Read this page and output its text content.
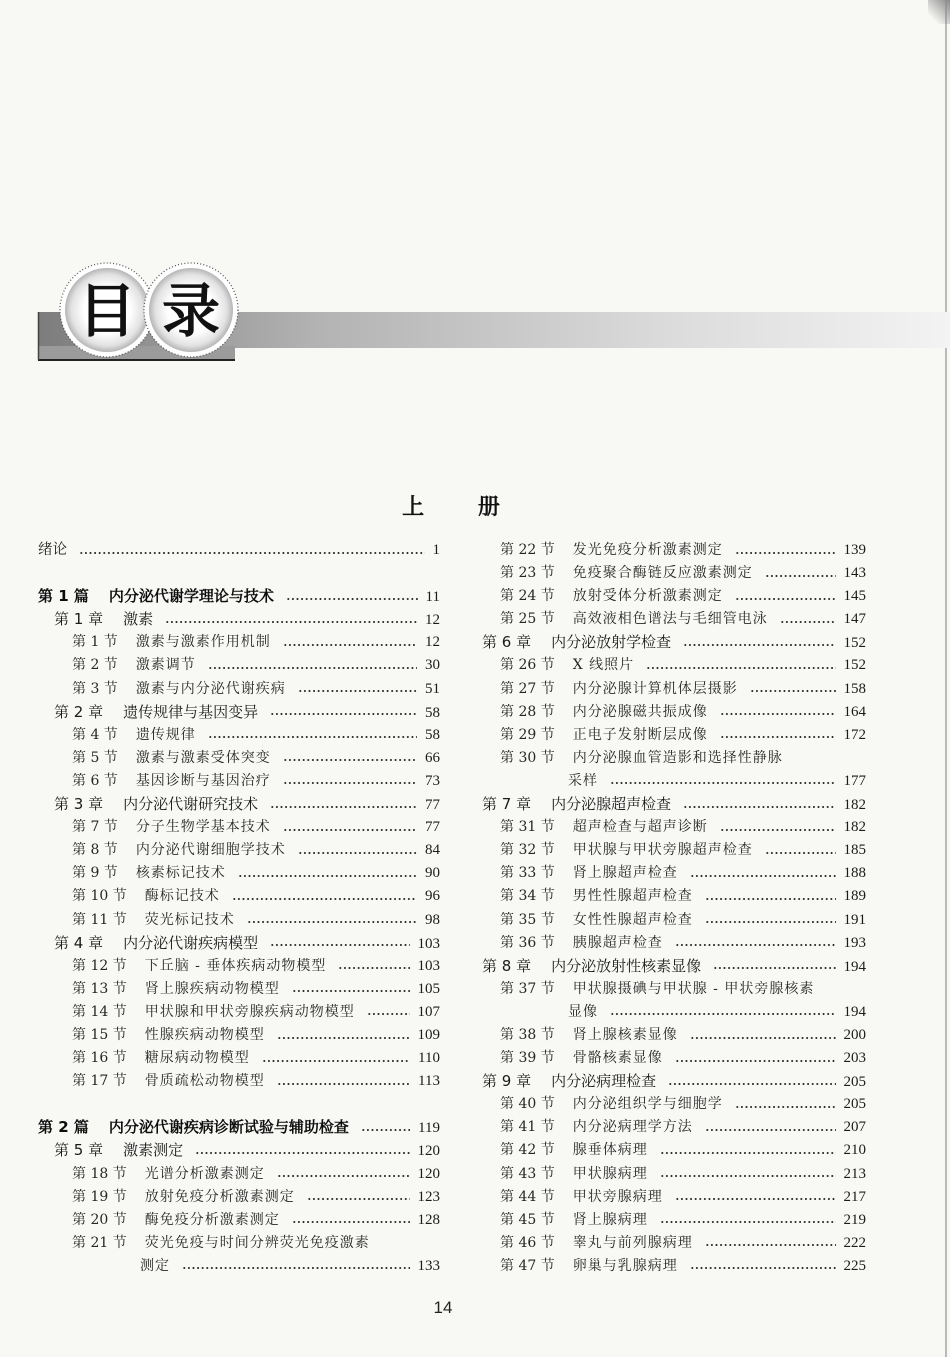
目 录
上 册
绪论	1
第 1 篇 内分泌代谢学理论与技术	11
第 1 章 激素	12
第 1 节 激素与激素作用机制	12
第 2 节 激素调节	30
第 3 节 激素与内分泌代谢疾病	51
第 2 章 遗传规律与基因变异	58
第 4 节 遗传规律	58
第 5 节 激素与激素受体突变	66
第 6 节 基因诊断与基因治疗	73
第 3 章 内分泌代谢研究技术	77
第 7 节 分子生物学基本技术	77
第 8 节 内分泌代谢细胞学技术	84
第 9 节 核素标记技术	90
第 10 节 酶标记技术	96
第 11 节 荧光标记技术	98
第 4 章 内分泌代谢疾病模型	103
第 12 节 下丘脑 - 垂体疾病动物模型	103
第 13 节 肾上腺疾病动物模型	105
第 14 节 甲状腺和甲状旁腺疾病动物模型	107
第 15 节 性腺疾病动物模型	109
第 16 节 糖尿病动物模型	110
第 17 节 骨质疏松动物模型	113
第 2 篇 内分泌代谢疾病诊断试验与辅助检查	119
第 5 章 激素测定	120
第 18 节 光谱分析激素测定	120
第 19 节 放射免疫分析激素测定	123
第 20 节 酶免疫分析激素测定	128
第 21 节 荧光免疫与时间分辨荧光免疫激素
测定	133
第 22 节 发光免疫分析激素测定	139
第 23 节 免疫聚合酶链反应激素测定	143
第 24 节 放射受体分析激素测定	145
第 25 节 高效液相色谱法与毛细管电泳	147
第 6 章 内分泌放射学检查	152
第 26 节 X 线照片	152
第 27 节 内分泌腺计算机体层摄影	158
第 28 节 内分泌腺磁共振成像	164
第 29 节 正电子发射断层成像	172
第 30 节 内分泌腺血管造影和选择性静脉
采样	177
第 7 章 内分泌腺超声检查	182
第 31 节 超声检查与超声诊断	182
第 32 节 甲状腺与甲状旁腺超声检查	185
第 33 节 肾上腺超声检查	188
第 34 节 男性性腺超声检查	189
第 35 节 女性性腺超声检查	191
第 36 节 胰腺超声检查	193
第 8 章 内分泌放射性核素显像	194
第 37 节 甲状腺摄碘与甲状腺 - 甲状旁腺核素
显像	194
第 38 节 肾上腺核素显像	200
第 39 节 骨骼核素显像	203
第 9 章 内分泌病理检查	205
第 40 节 内分泌组织学与细胞学	205
第 41 节 内分泌病理学方法	207
第 42 节 腺垂体病理	210
第 43 节 甲状腺病理	213
第 44 节 甲状旁腺病理	217
第 45 节 肾上腺病理	219
第 46 节 睾丸与前列腺病理	222
第 47 节 卵巢与乳腺病理	225
14
